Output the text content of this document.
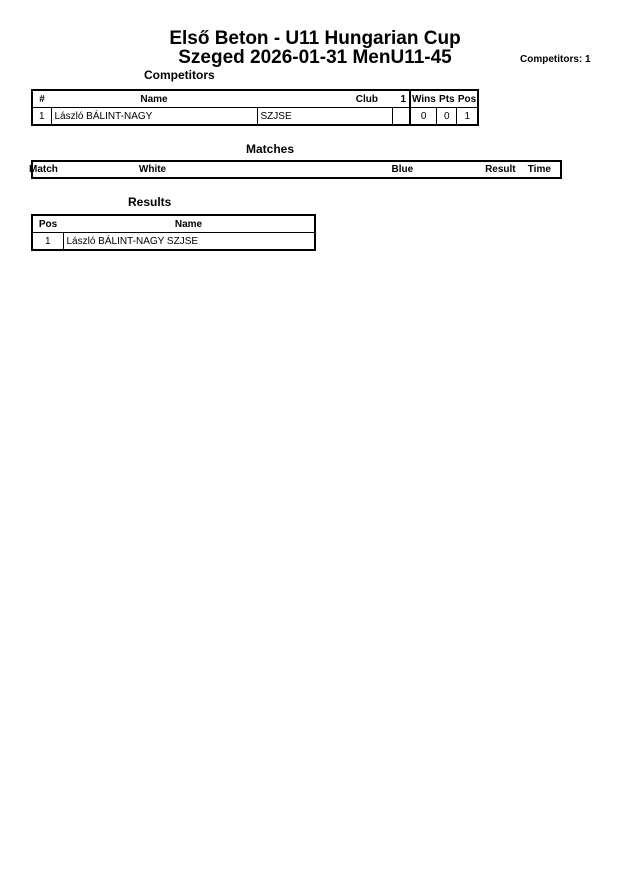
Első Beton - U11 Hungarian Cup
Szeged 2026-01-31 MenU11-45	Competitors: 1
Competitors
#	Name	Club	1	Wins	Pts	Pos
1	László BÁLINT-NAGY	SZJSE		0	0	1
Matches
Match	White	Blue	Result	Time
Results
Pos	Name
1	László BÁLINT-NAGY SZJSE
